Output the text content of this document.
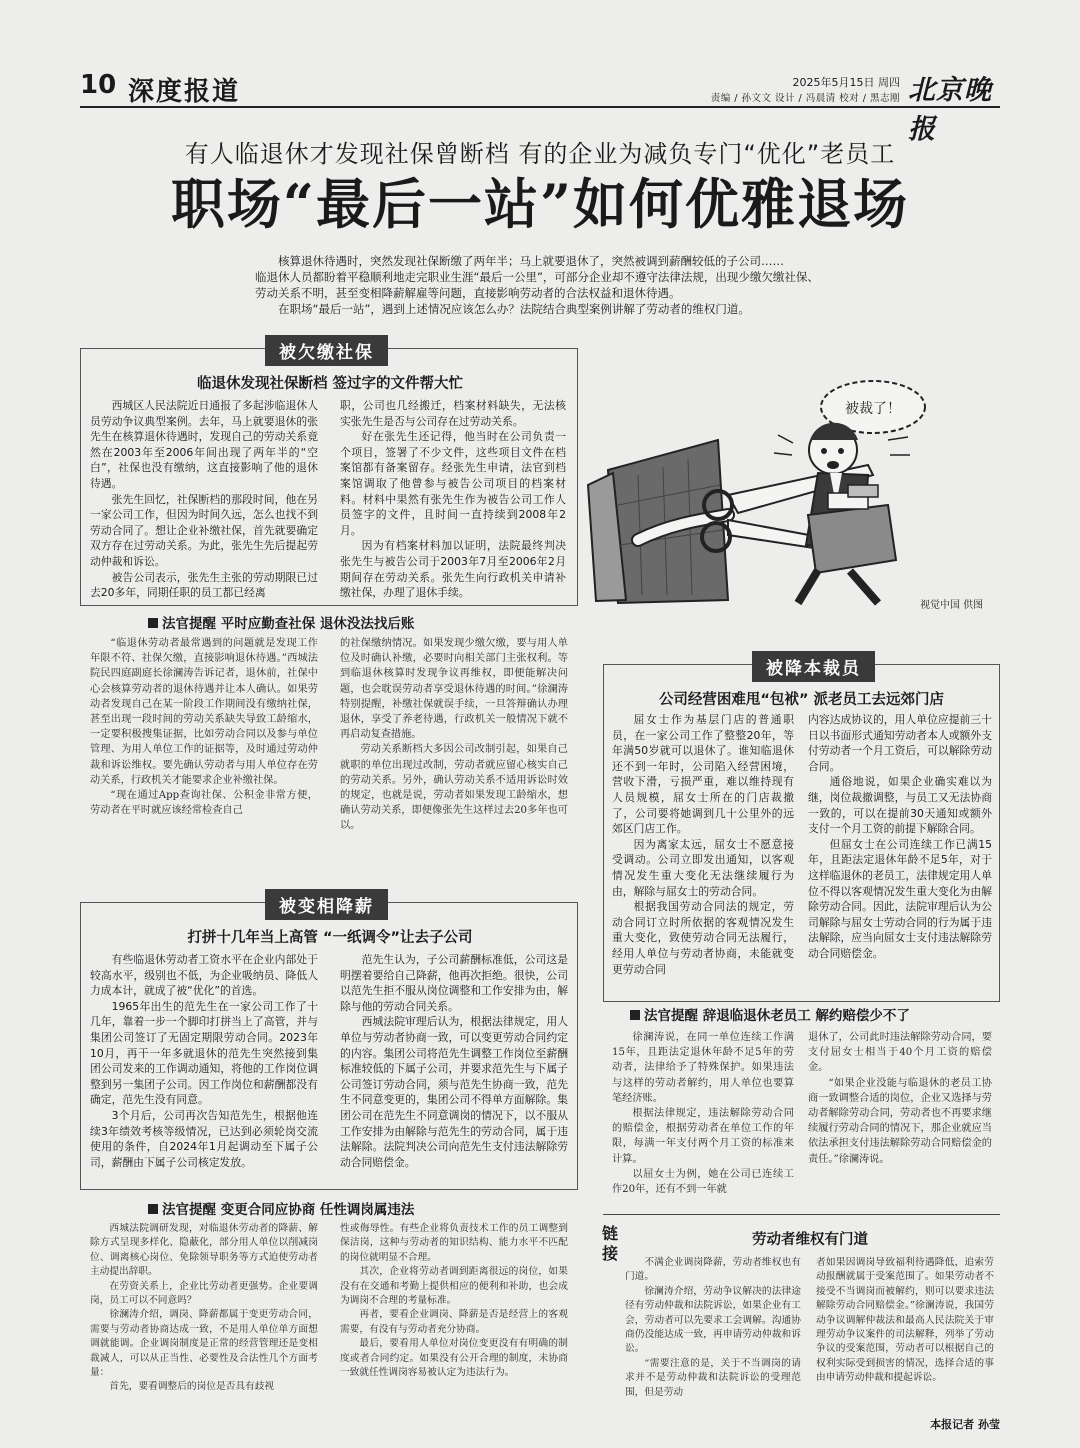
10 深度报道	2025年5月15日 周四
责编 / 孙文文 设计 / 冯晨清 校对 / 黑志刚 北京晚报
有人临退休才发现社保曾断档 有的企业为减负专门“优化”老员工
职场“最后一站”如何优雅退场

核算退休待遇时，突然发现社保断缴了两年半；马上就要退休了，突然被调到薪酬较低的子公司……

临退休人员都盼着平稳顺利地走完职业生涯“最后一公里”，可部分企业却不遵守法律法规，出现少缴欠缴社保、劳动关系不明，甚至变相降薪解雇等问题，直接影响劳动者的合法权益和退休待遇。

在职场“最后一站”，遇到上述情况应该怎么办？法院结合典型案例讲解了劳动者的维权门道。

被欠缴社保
临退休发现社保断档 签过字的文件帮大忙

西城区人民法院近日通报了多起涉临退休人员劳动争议典型案例。去年，马上就要退休的张先生在核算退休待遇时，发现自己的劳动关系竟然在2003年至2006年间出现了两年半的“空白”，社保也没有缴纳，这直接影响了他的退休待遇。

张先生回忆，社保断档的那段时间，他在另一家公司工作，但因为时间久远，怎么也找不到劳动合同了。想让企业补缴社保，首先就要确定双方存在过劳动关系。为此，张先生先后提起劳动仲裁和诉讼。

被告公司表示，张先生主张的劳动期限已过去20多年，同期任职的员工都已经离

职，公司也几经搬迁，档案材料缺失，无法核实张先生是否与公司存在过劳动关系。

好在张先生还记得，他当时在公司负责一个项目，签署了不少文件，这些项目文件在档案馆都有备案留存。经张先生申请，法官到档案馆调取了他曾参与被告公司项目的档案材料。材料中果然有张先生作为被告公司工作人员签字的文件，且时间一直持续到2008年2月。

因为有档案材料加以证明，法院最终判决张先生与被告公司于2003年7月至2006年2月期间存在劳动关系。张先生向行政机关申请补缴社保，办理了退休手续。

被裁了！
视觉中国 供图
法官提醒 平时应勤查社保 退休没法找后账

“临退休劳动者最常遇到的问题就是发现工作年限不符、社保欠缴，直接影响退休待遇。”西城法院民四庭副庭长徐澜涛告诉记者，退休前，社保中心会核算劳动者的退休待遇并让本人确认。如果劳动者发现自己在某一阶段工作期间没有缴纳社保，甚至出现一段时间的劳动关系缺失导致工龄缩水，一定要积极搜集证据，比如劳动合同以及参与单位管理、为用人单位工作的证据等，及时通过劳动仲裁和诉讼维权。要先确认劳动者与用人单位存在劳动关系，行政机关才能要求企业补缴社保。

“现在通过App查询社保、公积金非常方便，劳动者在平时就应该经常检查自己

的社保缴纳情况。如果发现少缴欠缴，要与用人单位及时确认补缴，必要时向相关部门主张权利。等到临退休核算时发现争议再维权，即便能解决问题，也会耽误劳动者享受退休待遇的时间。”徐澜涛特别提醒，补缴社保就误手续，一旦答辩确认办理退休，享受了养老待遇，行政机关一般情况下就不再启动复查措施。

劳动关系断档大多因公司改制引起，如果自己就职的单位出现过改制，劳动者就应留心核实自己的劳动关系。另外，确认劳动关系不适用诉讼时效的规定，也就是说，劳动者如果发现工龄缩水，想确认劳动关系，即便像张先生这样过去20多年也可以。

被降本裁员
公司经营困难甩“包袱” 派老员工去远郊门店

屈女士作为基层门店的普通职员，在一家公司工作了整整20年，等年满50岁就可以退休了。谁知临退休还不到一年时，公司陷入经营困境，营收下滑，亏损严重，难以维持现有人员规模，屈女士所在的门店裁撤了，公司要将她调到几十公里外的远郊区门店工作。

因为离家太远，屈女士不愿意接受调动。公司立即发出通知，以客观情况发生重大变化无法继续履行为由，解除与屈女士的劳动合同。

根据我国劳动合同法的规定，劳动合同订立时所依据的客观情况发生重大变化，致使劳动合同无法履行，经用人单位与劳动者协商，未能就变更劳动合同

内容达成协议的，用人单位应提前三十日以书面形式通知劳动者本人或额外支付劳动者一个月工资后，可以解除劳动合同。

通俗地说，如果企业确实难以为继，岗位裁撤调整，与员工又无法协商一致的，可以在提前30天通知或额外支付一个月工资的前提下解除合同。

但屈女士在公司连续工作已满15年，且距法定退休年龄不足5年，对于这样临退休的老员工，法律规定用人单位不得以客观情况发生重大变化为由解除劳动合同。因此，法院审理后认为公司解除与屈女士劳动合同的行为属于违法解除，应当向屈女士支付违法解除劳动合同赔偿金。

法官提醒 辞退临退休老员工 解约赔偿少不了

徐澜涛说，在同一单位连续工作满15年，且距法定退休年龄不足5年的劳动者，法律给予了特殊保护。如果违法与这样的劳动者解约，用人单位也要算笔经济账。

根据法律规定，违法解除劳动合同的赔偿金，根据劳动者在单位工作的年限，每满一年支付两个月工资的标准来计算。

以屈女士为例，她在公司已连续工作20年，还有不到一年就

退休了，公司此时违法解除劳动合同，要支付屈女士相当于40个月工资的赔偿金。

“如果企业没能与临退休的老员工协商一致调整合适的岗位，企业又选择与劳动者解除劳动合同，劳动者也不再要求继续履行劳动合同的情况下，那企业就应当依法承担支付违法解除劳动合同赔偿金的责任。”徐澜涛说。

被变相降薪
打拼十几年当上高管 “一纸调令”让去子公司

有些临退休劳动者工资水平在企业内部处于较高水平，级别也不低，为企业吸纳员、降低人力成本计，就成了被“优化”的首选。

1965年出生的范先生在一家公司工作了十几年，靠着一步一个脚印打拼当上了高管，并与集团公司签订了无固定期限劳动合同。2023年10月，再干一年多就退休的范先生突然接到集团公司发来的工作调动通知，将他的工作岗位调整到另一集团子公司。因工作岗位和薪酬都没有确定，范先生没有同意。

3个月后，公司再次告知范先生，根据他连续3年绩效考核等级情况，已达到必须轮岗交流使用的条件，自2024年1月起调动至下属子公司，薪酬由下属子公司核定发放。

范先生认为，子公司薪酬标准低，公司这是明摆着要给自己降薪，他再次拒绝。很快，公司以范先生拒不服从岗位调整和工作安排为由，解除与他的劳动合同关系。

西城法院审理后认为，根据法律规定，用人单位与劳动者协商一致，可以变更劳动合同约定的内容。集团公司将范先生调整工作岗位至薪酬标准较低的下属子公司，并要求范先生与下属子公司签订劳动合同，须与范先生协商一致，范先生不同意变更的，集团公司不得单方面解除。集团公司在范先生不同意调岗的情况下，以不服从工作安排为由解除与范先生的劳动合同，属于违法解除。法院判决公司向范先生支付违法解除劳动合同赔偿金。

法官提醒 变更合同应协商 任性调岗属违法

西城法院调研发现，对临退休劳动者的降薪、解除方式呈现多样化、隐蔽化，部分用人单位以削减岗位、调离核心岗位、免除领导职务等方式迫使劳动者主动提出辞职。

在劳资关系上，企业比劳动者更强势。企业要调岗，员工可以不同意吗？

徐澜涛介绍，调岗、降薪都属于变更劳动合同，需要与劳动者协商达成一致，不是用人单位单方面想调就能调。企业调岗制度是正常的经营管理还是变相裁减人，可以从正当性、必要性及合法性几个方面考量：

首先，要看调整后的岗位是否具有歧视

性或侮辱性。有些企业将负责技术工作的员工调整到保洁岗，这种与劳动者的知识结构、能力水平不匹配的岗位就明显不合理。

其次，企业将劳动者调到距离很远的岗位，如果没有在交通和考勤上提供相应的便利和补助，也会成为调岗不合理的考量标准。

再者，要看企业调岗、降薪是否是经营上的客观需要，有没有与劳动者充分协商。

最后，要看用人单位对岗位变更没有有明确的制度或者合同约定。如果没有公开合理的制度，未协商一致就任性调岗容易被认定为违法行为。

链接
劳动者维权有门道

不满企业调岗降薪，劳动者维权也有门道。

徐澜涛介绍，劳动争议解决的法律途径有劳动仲裁和法院诉讼，如果企业有工会，劳动者可以先要求工会调解。沟通协商仍没能达成一致，再申请劳动仲裁和诉讼。

“需要注意的是，关于不当调岗的请求并不是劳动仲裁和法院诉讼的受理范围，但是劳动

者如果因调岗导致福利待遇降低，追索劳动报酬就属于受案范围了。如果劳动者不接受不当调岗而被解约，则可以要求违法解除劳动合同赔偿金。”徐澜涛说，我国劳动争议调解仲裁法和最高人民法院关于审理劳动争议案件的司法解释，列举了劳动争议的受案范围，劳动者可以根据自己的权利实际受到损害的情况，选择合适的事由申请劳动仲裁和提起诉讼。

本报记者 孙莹
